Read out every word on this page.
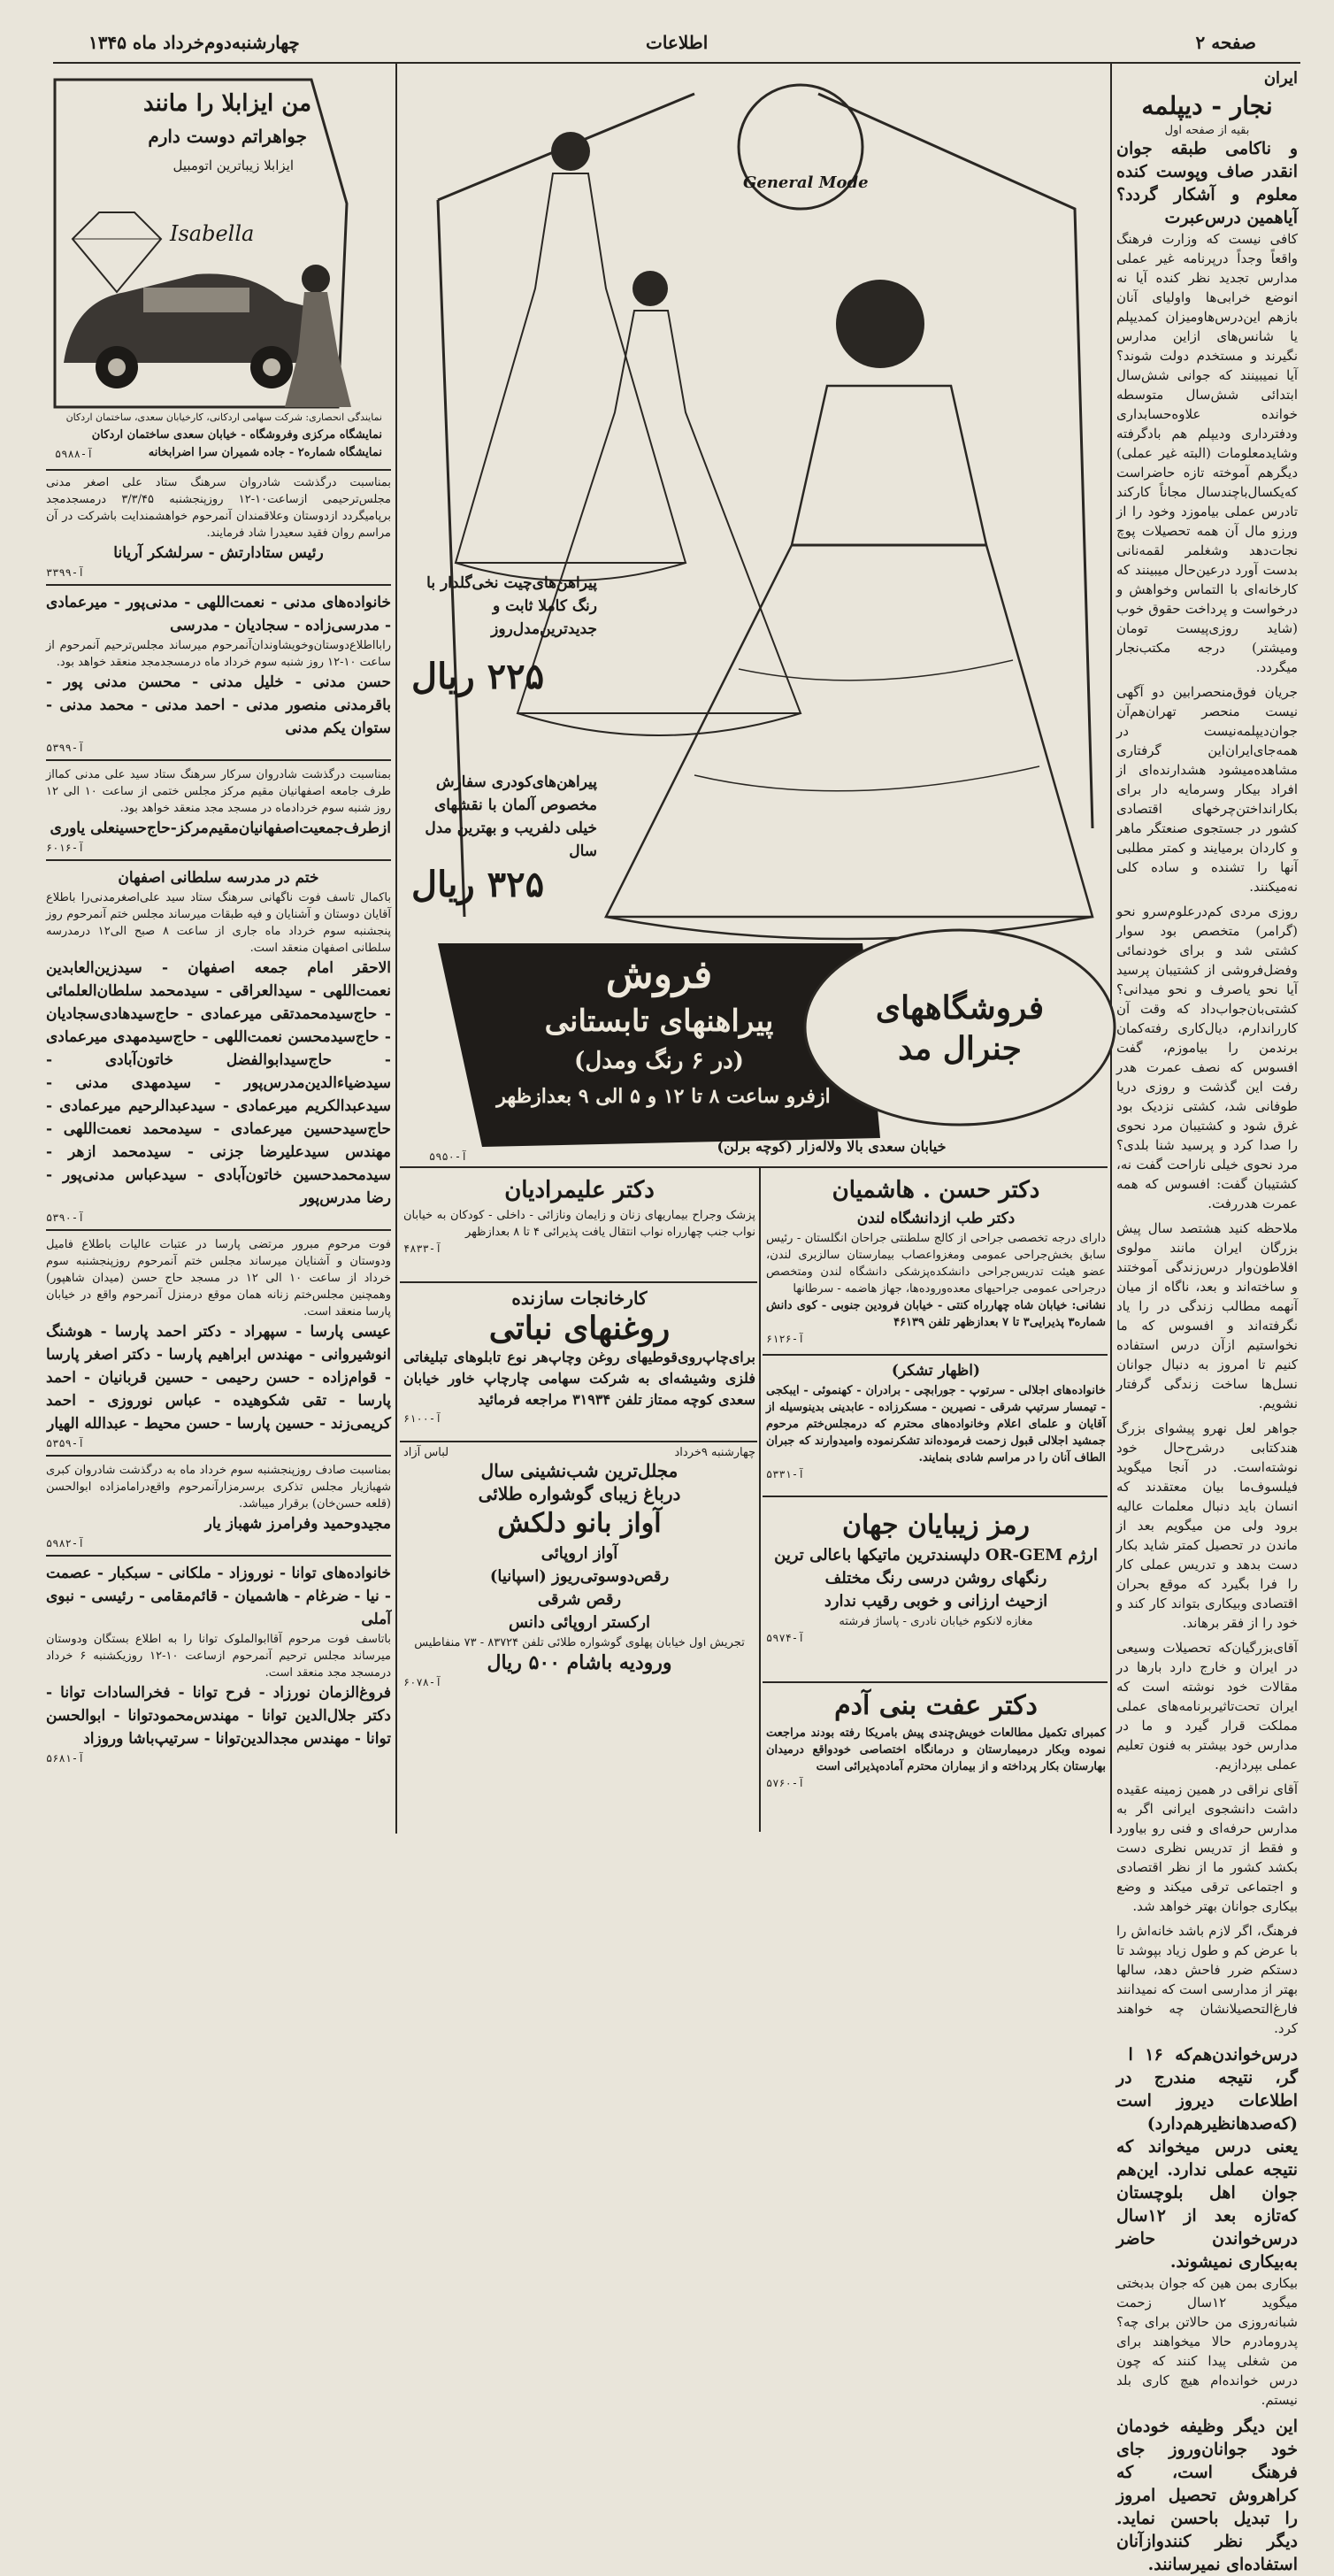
صفحه ۲
اطلاعات
چهارشنبه‌دوم‌خرداد ماه ۱۳۴۵
ایران
نجار - دیپلمه
بقیه از صفحه اول
و ناکامی طبقه جوان انقدر صاف وپوست کنده معلوم و آشکار گردد؟ آیاهمین درس‌عبرت

کافی نیست که وزارت فرهنگ واقعاً وجداً درپرنامه غیر عملی مدارس تجدید نظر کنده آیا نه انوضع خرابی‌ها واولیای آنان بازهم این‌درس‌ها‌ومیزان کمدیپلم یا شانس‌های ازاین مدارس نگیرند و مستخدم دولت شوند؟ آیا نمیبینند که جوانی شش‌سال ابتدائی شش‌سال متوسطه خوانده علاوه‌حسابداری ودفترداری ودیپلم هم بادگرفته وشایدمعلومات (البته غیر عملی) دیگرهم آموخته تازه حاضراست که‌یکسال‌باچندسال مجاناً کارکند تادرس عملی بیاموزد وخود را از ورزو مال آن همه تحصیلات پوچ نجات‌دهد وشغلمر لقمه‌نانی بدست آورد درعین‌حال میبینند که کارخانه‌ای با التماس وخواهش و درخواست و پرداخت حقوق خوب (شاید روزی‌پیست تومان ومیشتر) درجه مکتب‌نجار میگردد.

جریان فوق‌منحصرابین دو آگهی نیست منحصر تهران‌هم‌آن جوان‌دیپلمه‌نیست در همه‌جای‌ایران‌این گرفتاری مشاهده‌میشود هشدارنده‌ای از افراد بیکار وسرمایه دار برای بکارانداختن‌چرخهای اقتصادی کشور در جستجوی صنعتگر ماهر و کاردان برمیایند و کمتر مطلبی آنها را تشنده و ساده کلی نه‌میکنند.

روزی مردی کم‌درعلوم‌سرو نحو (گرامر) متخصص بود سوار کشتی شد و برای خودنمائی وفضل‌فروشی از کشتیبان پرسید آیا نحو یاصرف و نحو میدانی؟ کشتی‌بان‌جواب‌داد که وقت آن کارراندارم، دیال‌کاری رفته‌کمان برندمن را بیاموزم، گفت افسوس که نصف عمرت هدر رفت این گذشت و روزی دریا طوفانی شد، کشتی نزدیک بود غرق شود و کشتیبان مرد نحوی را صدا کرد و پرسید شنا بلدی؟ مرد نحوی خیلی ناراحت گفت نه، کشتیبان گفت: افسوس که همه عمرت هدررفت.

ملاحظه کنید هشتصد سال پیش بزرگان ایران مانند مولوی افلاطون‌وار درس‌زندگی آموختند و ساخته‌اند و بعد، ناگاه از میان آنهمه مطالب زندگی در را یاد نگرفته‌اند و افسوس که ما نخواستیم ازآن درس استفاده کنیم تا امروز به دنبال جوانان نسل‌ها ساخت زندگی گرفتار نشویم.

جواهر لعل نهرو پیشوای بزرگ هندکتابی درشرح‌حال خود نوشته‌است. در آنجا میگوید فیلسوف‌ما بیان معتقدند که انسان باید دنبال معلمات عالیه برود ولی من میگویم بعد از ماندن در تحصیل کمتر شاید بکار دست بدهد و تدریس عملی کار را فرا بگیرد که موقع بحران اقتصادی وبیکاری بتواند کار کند و خود را از فقر برهاند.

آقای‌بزرگیان‌که تحصیلات وسیعی در ایران و خارج دارد بارها در مقالات خود نوشته است که ایران تحت‌تاثیر‌برنامه‌های عملی مملکت قرار گیرد و ما در مدارس خود بیشتر به فنون تعلیم عملی بپردازیم.

آقای نراقی در همین زمینه عقیده داشت دانشجوی ایرانی اگر به مدارس حرفه‌ای و فنی رو بیاورد و فقط از تدریس نظری دست بکشد کشور ما از نظر اقتصادی و اجتماعی ترقی میکند و وضع بیکاری جوانان بهتر خواهد شد.

فرهنگ، اگر لازم باشد خانه‌اش را با عرض کم و طول زیاد بپوشد تا دستکم ضرر فاحش دهد، سالها بهتر از مدارسی است که نمیدانند فارغ‌التحصیلانشان چه خواهند کرد.

درس‌خواندن‌هم‌که ۱۶ ا ‌ گر، نتیجه مندرج در اطلاعات دیروز است (که‌صدها‌نظیر‌هم‌دارد) یعنی درس میخواند که نتیجه عملی ندارد. این‌هم جوان اهل بلوچستان که‌تازه بعد از ۱۲سال درس‌خواندن حاضر به‌بیکاری نمیشوند.

بیکاری بمن هین که جوان بدبختی میگوید ۱۲سال زحمت شبانه‌روزی من حالاتن برای چه؟ پدرومادرم حالا میخواهند برای من شغلی پیدا کنند که چون درس خوانده‌ام هیچ کاری بلد نیستم.

این دیگر وظیفه خودمان خود جوانان‌وروز جای فرهنگ است، که کراهروش تحصیل امروز را تبدیل‌ باحسن‌ نماید. دیگر نظر کنندوازآنان استفاده‌ای‌ نمیرسانند.
من ایزابلا را مانند
جواهراتم دوست دارم
ایزابلا زیباترین اتومبیل
Isabella
نمایندگی انحصاری: شرکت سهامی اردکانی، کارخیابان سعدی، ساختمان اردکان
نمایشگاه مرکزی وفروشگاه - خیابان سعدی ساختمان اردکان
نمایشگاه شماره۲ - جاده شمیران سرا اضرابخانه
آ-۵۹۸۸

بمناسبت درگذشت شادروان سرهنگ ستاد علی اصغر مدنی مجلس‌ترحیمی ازساعت۱۰-۱۲ روزپنجشنبه ۳/۳/۴۵ درمسجدمجد برپامیگردد ازدوستان وعلاقمندان آنمرحوم خواهشمندایت باشرکت در آن مراسم روان فقید سعیدرا شاد فرمایند.

رئیس ستادارتش - سرلشکر آریانا
آ-۳۳۹۹
خانواده‌های مدنی - نعمت‌اللهی - مدنی‌پور - میرعمادی - مدرسی‌زاده - سجادیان - مدرسی

رابااطلاع‌دوستان‌وخویشاوندان‌آنمرحوم میرساند مجلس‌ترحیم آنمرحوم از ساعت ۱۰-۱۲ روز شنبه سوم خرداد ماه درمسجدمجد منعقد خواهد بود.

حسن مدنی - خلیل مدنی - محسن مدنی پور - باقرمدنی منصور مدنی - احمد مدنی - محمد مدنی - ستوان یکم مدنی
آ-۵۳۹۹

بمناسبت درگذشت شادروان سرکار سرهنگ ستاد سید علی مدنی کما‌از طرف جامعه اصفهانیان مقیم مرکز مجلس ختمی از ساعت ۱۰ الی ۱۲ روز شنبه سوم خردادماه در مسجد مجد منعقد خواهد بود.

ازطرف‌جمعیت‌اصفهانیان‌مقیم‌مرکز-حاج‌حسینعلی یاوری
آ-۶۰۱۶
ختم در مدرسه سلطانی اصفهان

باکمال تاسف فوت‌ ناگهانی‌ سرهنگ‌ ستاد سید علی‌اصغرمدنی‌را باطلاع آقایان دوستان و آشنایان و فیه طبقات میرساند مجلس ختم آنمرحوم روز پنجشنبه سوم خرداد ماه جاری از ساعت ۸ صبح الی۱۲ درمدرسه سلطانی اصفهان منعقد است.

الاحقر امام جمعه اصفهان - سیدزین‌العابدین نعمت‌اللهی - سیدالعراقی - سیدمحمد سلطان‌العلمائی - حاج‌سیدمحمدتقی میرعمادی - حاج‌سیدهادی‌سجادیان - حاج‌سیدمحسن نعمت‌اللهی - حاج‌سیدمهدی میرعمادی - حاج‌سیدابوالفضل خاتون‌آبادی - سیدضیاءالدین‌مدرس‌پور - سیدمهدی مدنی - سیدعبدالکریم میرعمادی - سیدعبدالرحیم میرعمادی - حاج‌سیدحسین میرعمادی - سیدمحمد نعمت‌اللهی - مهندس سیدعلیرضا جزنی - سیدمحمد ازهر - سیدمحمدحسین خاتون‌آبادی - سیدعباس مدنی‌پور - رضا مدرس‌پور
آ-۵۳۹۰

فوت مرحوم مبرور مرتضی پارسا در عتبات عالیات باطلاع فامیل ودوستان و آشنایان میرساند مجلس ختم آنمرحوم روزپنجشنبه سوم خرداد از ساعت ۱۰ الی ۱۲ در مسجد حاج حسن (میدان شاهپور) وهمچنین مجلس‌ختم زنانه همان موقع درمنزل آنمرحوم واقع در خیابان پارسا منعقد است.

عیسی پارسا - سپهراد - دکتر احمد پارسا - هوشنگ انوشیروانی - مهندس ابراهیم پارسا - دکتر اصغر پارسا - قوام‌زاده - حسن رحیمی - حسین قربانیان - احمد پارسا - تقی شکوهیده - عباس نوروزی - احمد کریمی‌زند - حسین پارسا - حسن محیط - عبدالله الهیار
آ-۵۳۵۹

بمناسبت صادف روزپنجشنبه سوم خرداد ماه به درگذشت شادروان کبری شهبازیار مجلس تذکری برسرمزارآنمرحوم واقع‌درامامزاده ابوالحسن (قلعه حسن‌خان) برقرار میباشد.

مجیدوحمید وفرامرز شهباز یار
آ-۵۹۸۲
خانواده‌های توانا - نوروزاد - ملکانی - سبکبار - عصمت - نیا - ضرغام - هاشمیان - قائم‌مقامی - رئیسی - نبوی آملی

باتاسف‌ فوت‌ مرحوم آقاابوالملوک توانا را به اطلاع بستگان ودوستان میرساند مجلس ترحیم آنمرحوم ازساعت ۱۰-۱۲ روزیکشنبه ۶ خرداد درمسجد مجد منعقد است.

فروغ‌الزمان نورزاد - فرح توانا - فخرالسادات توانا - دکتر جلال‌الدین توانا - مهندس‌محمود‌توانا - ابوالحسن توانا - مهندس‌ مجدالدین‌توانا - سرتیپ‌باشا وروزاد
آ-۵۶۸۱
General Mode
پیراهن‌های‌چیت نخی‌گلدار با رنگ کاملا ثابت و جدیدترین‌مدل‌روز
۲۲۵ ریال
پیراهن‌های‌کودری سفارش مخصوص آلمان با نقشهای خیلی دلفریب و بهترین مدل سال
۳۲۵ ریال
فروش
پیراهنهای تابستانی
(در ۶ رنگ ومدل)
ازفرو ساعت ۸ تا ۱۲ و ۵ الی ۹ بعدازظهر
فروشگاههای جنرال مد
خیابان سعدی بالا ولاله‌زار (کوچه برلن)
آ-۵۹۵۰
دکتر حسن . هاشمیان
دکتر طب ازدانشگاه لندن

دارای درجه تخصصی جراحی از کالج سلطنتی جراحان انگلستان - رئیس سابق بخش‌جراحی عمومی ومغزواعصاب بیمارستان سالزبری لندن، عضو هیئت تدریس‌جراحی دانشکده‌پزشکی دانشگاه لندن ومتخصص درجراحی عمومی جراحیهای معده‌وروده‌ها، جهاز هاضمه - سرطانها

نشانی: خیابان شاه چهارراه کنتی - خیابان فرودین جنوبی - کوی دانش شماره۳ پذیرایی۳ تا ۷ بعدازظهر تلفن ۴۶۱۳۹

آ-۶۱۲۶
(اظهار تشکر)

خانواده‌های اجلالی - سرتوپ - جورابچی - برادران - کهنموئی - ایبکجی - تیمسار سرتیپ شرقی - نصیرین - مسکرزاده - عابدینی بدینوسیله از آقایان و علمای اعلام وخانواده‌های محترم که درمجلس‌ختم مرحوم جمشید اجلالی قبول زحمت فرموده‌اند تشکرنموده وامیدوارند که جبران الطاف آنان را در مراسم شادی بنمایند.

آ-۵۳۳۱
رمز زیبایان جهان
ارژم OR-GEM دلپسندترین ماتیکها باعالی ترین رنگهای روشن درسی رنگ مختلف
ازحیث ارزانی و خوبی رقیب ندارد

مغازه لانکوم خیابان نادری - پاساژ فرشته

آ-۵۹۷۴
دکتر عفت بنی آدم

کمبرای تکمیل مطالعات خویش‌چندی پیش بامریکا رفته بودند مراجعت نموده وبکار درمیمارستان و درمانگاه اختصاصی خودواقع درمیدان بهارستان بکار پرداخته و از بیماران محترم آماده‌پذیرائی است

آ-۵۷۶۰
دکتر علیمرادیان

پزشک وجراح بیماریهای زنان و زایمان ونازائی - داخلی - کودکان به خیابان نواب جنب چهارراه نواب انتقال یافت پذیرائی ۴ تا ۸ بعدازظهر

آ-۴۸۳۳
کارخانجات سازنده
روغنهای نباتی

برای‌چاپ‌روی‌قوطیهای روغن وچاپ‌هر نوع تابلوهای تبلیغاتی فلزی وشیشه‌ای به شرکت سهامی چارچاپ خاور خیابان سعدی کوچه ممتاز تلفن ۳۱۹۳۴ مراجعه فرمائید

آ-۶۱۰۰
چهارشنبه ۹خرداد
لباس آزاد
مجلل‌ترین شب‌نشینی سال
درباغ زیبای گوشواره طلائی
آواز بانو دلکش
آواز اروپائی
رقص‌دوسوتی‌ریوز (اسپانیا)
رقص شرقی
ارکستر اروپائی دانس

تجریش‌ اول خیابان پهلوی گوشواره طلائی تلفن ۸۳۷۲۴ - ۷۳ منفاطیس

ورودیه باشام ۵۰۰ ریال
آ-۶۰۷۸
